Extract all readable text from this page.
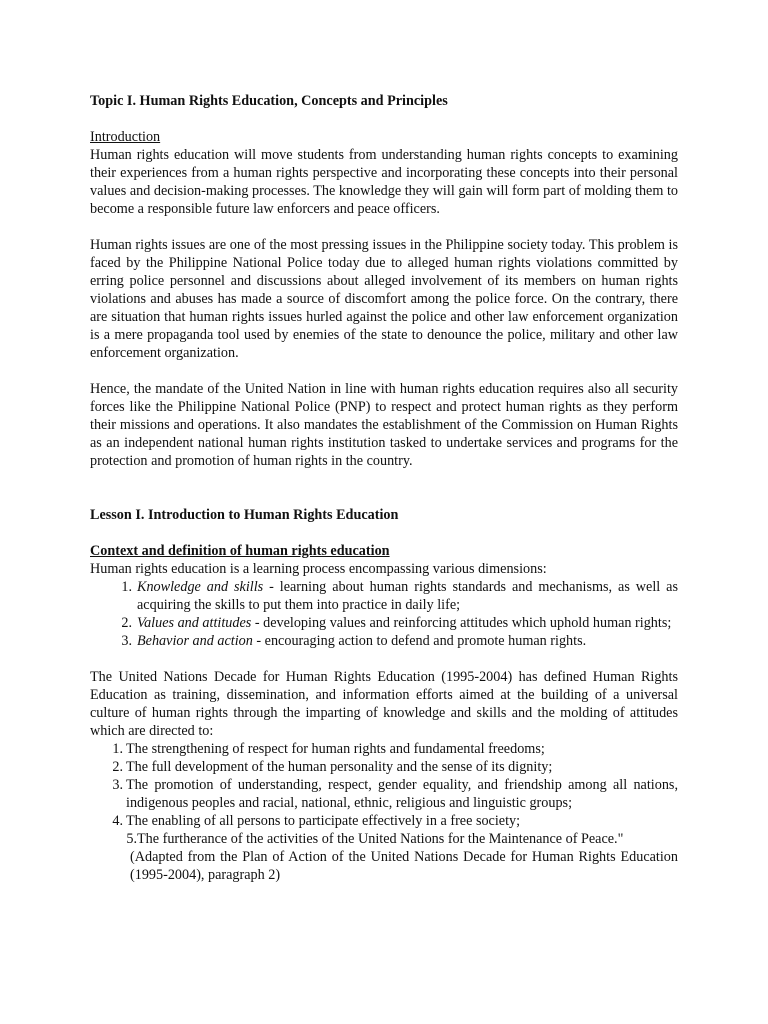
Topic I. Human Rights Education, Concepts and Principles

Introduction

Human rights education will move students from understanding human rights concepts to examining their experiences from a human rights perspective and incorporating these concepts into their personal values and decision-making processes. The knowledge they will gain will form part of molding them to become a responsible future law enforcers and peace officers.

Human rights issues are one of the most pressing issues in the Philippine society today. This problem is faced by the Philippine National Police today due to alleged human rights violations committed by erring police personnel and discussions about alleged involvement of its members on human rights violations and abuses has made a source of discomfort among the police force. On the contrary, there are situation that human rights issues hurled against the police and other law enforcement organization is a mere propaganda tool used by enemies of the state to denounce the police, military and other law enforcement organization.

Hence, the mandate of the United Nation in line with human rights education requires also all security forces like the Philippine National Police (PNP) to respect and protect human rights as they perform their missions and operations. It also mandates the establishment of the Commission on Human Rights as an independent national human rights institution tasked to undertake services and programs for the protection and promotion of human rights in the country.

Lesson I. Introduction to Human Rights Education

Context and definition of human rights education

Human rights education is a learning process encompassing various dimensions:

1. Knowledge and skills - learning about human rights standards and mechanisms, as well as acquiring the skills to put them into practice in daily life;
2. Values and attitudes - developing values and reinforcing attitudes which uphold human rights;
3. Behavior and action - encouraging action to defend and promote human rights.

The United Nations Decade for Human Rights Education (1995-2004) has defined Human Rights Education as training, dissemination, and information efforts aimed at the building of a universal culture of human rights through the imparting of knowledge and skills and the molding of attitudes which are directed to:

1. The strengthening of respect for human rights and fundamental freedoms;
2. The full development of the human personality and the sense of its dignity;
3. The promotion of understanding, respect, gender equality, and friendship among all nations, indigenous peoples and racial, national, ethnic, religious and linguistic groups;
4. The enabling of all persons to participate effectively in a free society;
5. The furtherance of the activities of the United Nations for the Maintenance of Peace."

(Adapted from the Plan of Action of the United Nations Decade for Human Rights Education (1995-2004), paragraph 2)
